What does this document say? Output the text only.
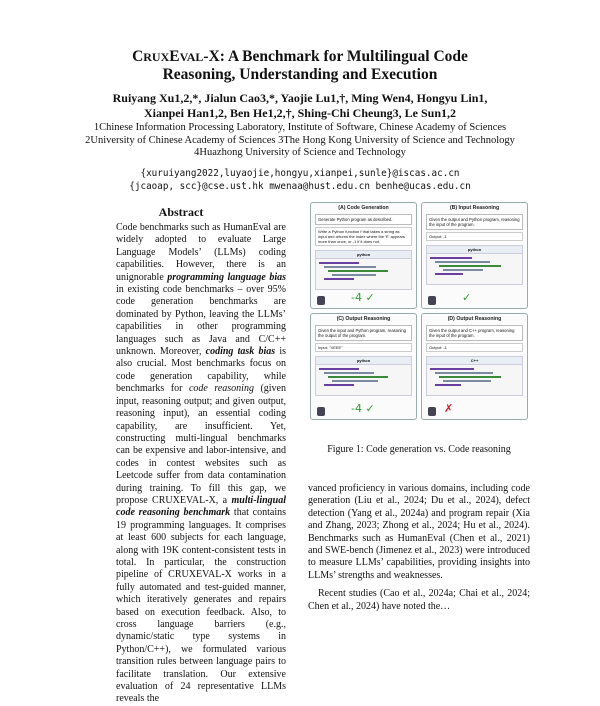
CRUXEVAL-X: A Benchmark for Multilingual Code
Reasoning, Understanding and Execution
Ruiyang Xu1,2,*, Jialun Cao3,*, Yaojie Lu1,†, Ming Wen4, Hongyu Lin1,
Xianpei Han1,2, Ben He1,2,†, Shing-Chi Cheung3, Le Sun1,2
1Chinese Information Processing Laboratory, Institute of Software, Chinese Academy of Sciences
2University of Chinese Academy of Sciences 3The Hong Kong University of Science and Technology
4Huazhong University of Science and Technology
{xuruiyang2022,luyaojie,hongyu,xianpei,sunle}@iscas.ac.cn
{jcaoap, scc}@cse.ust.hk mwenaa@hust.edu.cn benhe@ucas.edu.cn
Abstract

Code benchmarks such as HumanEval are widely adopted to evaluate Large Language Models’ (LLMs) coding capabilities. However, there is an unignorable programming language bias in existing code benchmarks – over 95% code generation benchmarks are dominated by Python, leaving the LLMs’ capabilities in other programming languages such as Java and C/C++ unknown. Moreover, coding task bias is also crucial. Most benchmarks focus on code generation capability, while benchmarks for code reasoning (given input, reasoning output; and given output, reasoning input), an essential coding capability, are insufficient. Yet, constructing multi-lingual benchmarks can be expensive and labor-intensive, and codes in contest websites such as Leetcode suffer from data contamination during training. To fill this gap, we propose CRUXEVAL-X, a multi-lingual code reasoning benchmark that contains 19 programming languages. It comprises at least 600 subjects for each language, along with 19K content-consistent tests in total. In particular, the construction pipeline of CRUXEVAL-X works in a fully automated and test-guided manner, which iteratively generates and repairs based on execution feedback. Also, to cross language barriers (e.g., dynamic/static type systems in Python/C++), we formulated various transition rules between language pairs to facilitate translation. Our extensive evaluation of 24 representative LLMs reveals the

(A) Code Generation
Generate Python program as described.
Write a Python function f that takes a string as input and returns the index where the 'E' appears more than once, or -1 if it does not.
python
-4 ✓
(B) Input Reasoning
Given the output and Python program, reasoning the input of the program.
Output: -1
python
✓
(C) Output Reasoning
Given the input and Python program, reasoning the output of the program.
Input: "XEEE"
python
-4 ✓
(D) Output Reasoning
Given the output and C++ program, reasoning the input of the program.
Output: -1
C++
✗
Figure 1: Code generation vs. Code reasoning

vanced proficiency in various domains, including code generation (Liu et al., 2024; Du et al., 2024), defect detection (Yang et al., 2024a) and program repair (Xia and Zhang, 2023; Zhong et al., 2024; Hu et al., 2024). Benchmarks such as HumanEval (Chen et al., 2021) and SWE-bench (Jimenez et al., 2023) were introduced to measure LLMs’ capabilities, providing insights into LLMs’ strengths and weaknesses.

Recent studies (Cao et al., 2024a; Chai et al., 2024; Chen et al., 2024) have noted the…
